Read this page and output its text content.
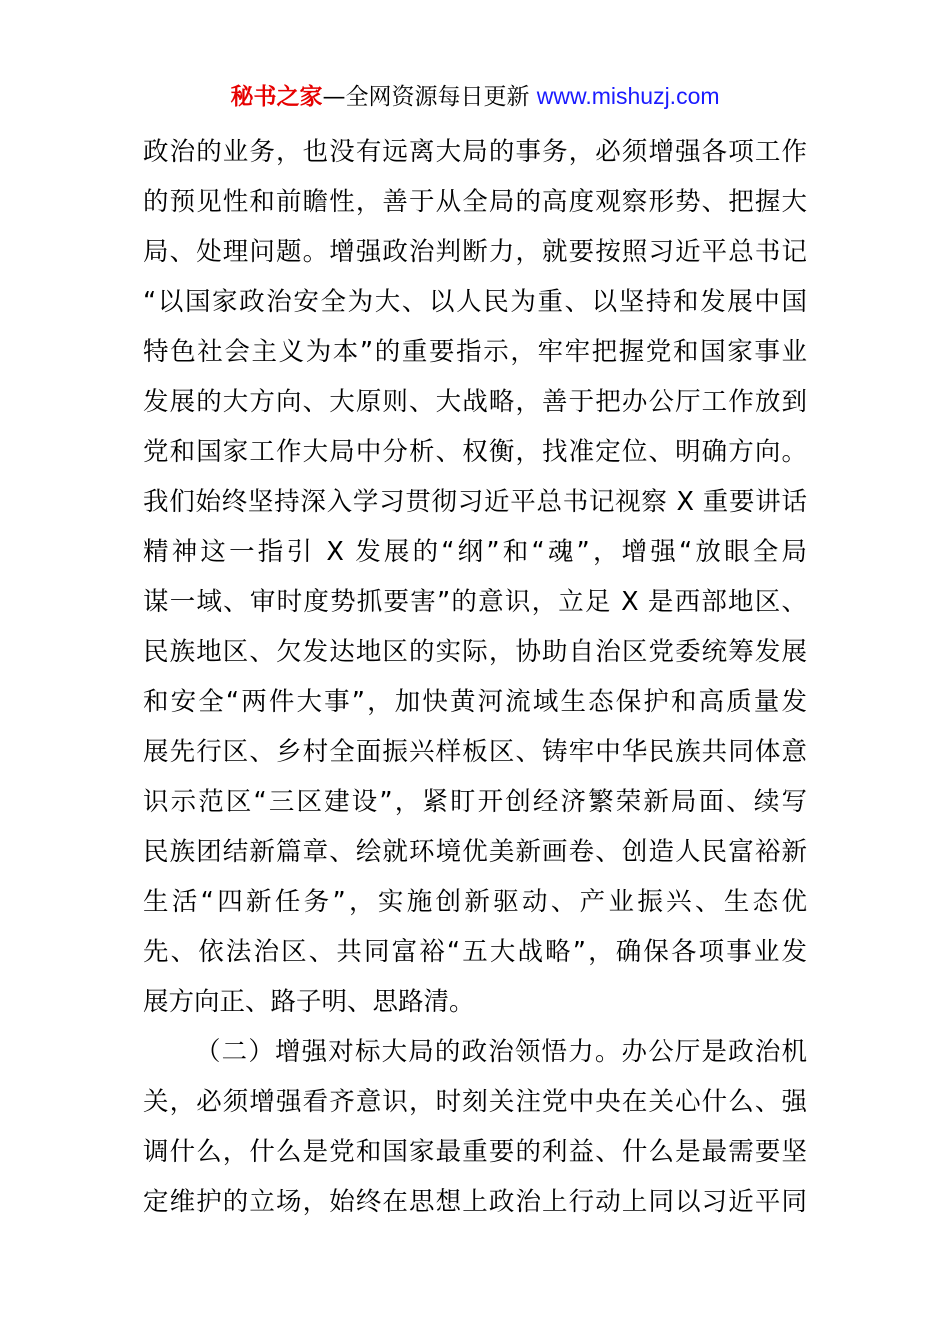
秘书之家—全网资源每日更新 www.mishuzj.com
政治的业务，也没有远离大局的事务，必须增强各项工作
的预见性和前瞻性，善于从全局的高度观察形势、把握大
局、处理问题。增强政治判断力，就要按照习近平总书记
“以国家政治安全为大、以人民为重、以坚持和发展中国
特色社会主义为本”的重要指示，牢牢把握党和国家事业
发展的大方向、大原则、大战略，善于把办公厅工作放到
党和国家工作大局中分析、权衡，找准定位、明确方向。
我们始终坚持深入学习贯彻习近平总书记视察 X 重要讲话
精神这一指引 X 发展的“纲”和“魂”，增强“放眼全局
谋一域、审时度势抓要害”的意识，立足 X 是西部地区、
民族地区、欠发达地区的实际，协助自治区党委统筹发展
和安全“两件大事”，加快黄河流域生态保护和高质量发
展先行区、乡村全面振兴样板区、铸牢中华民族共同体意
识示范区“三区建设”，紧盯开创经济繁荣新局面、续写
民族团结新篇章、绘就环境优美新画卷、创造人民富裕新
生活“四新任务”，实施创新驱动、产业振兴、生态优
先、依法治区、共同富裕“五大战略”，确保各项事业发
展方向正、路子明、思路清。
（二）增强对标大局的政治领悟力。办公厅是政治机
关，必须增强看齐意识，时刻关注党中央在关心什么、强
调什么，什么是党和国家最重要的利益、什么是最需要坚
定维护的立场，始终在思想上政治上行动上同以习近平同
